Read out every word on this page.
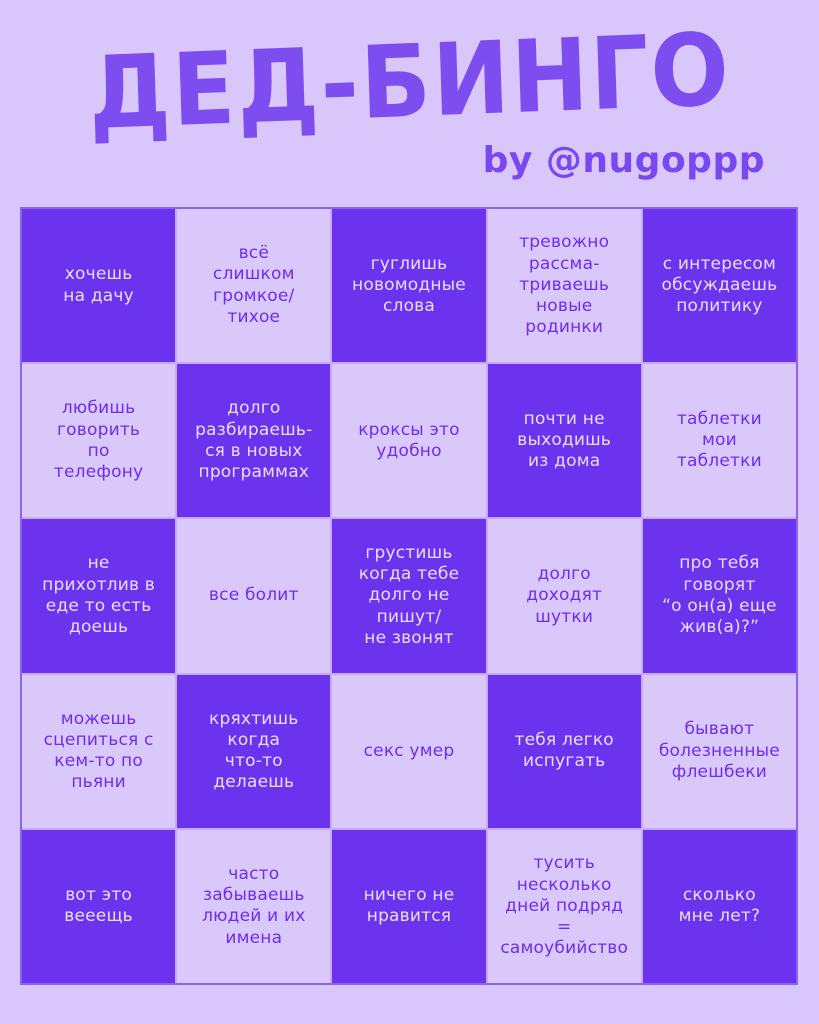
ДЕД-БИНГО
by @nugoppp
хочешь
на дачу
всё
слишком
громкое/
тихое
гуглишь
новомодные
слова
тревожно
рассма-
триваешь
новые
родинки
с интересом
обсуждаешь
политику
любишь
говорить
по
телефону
долго
разбираешь-
ся в новых
программах
кроксы это
удобно
почти не
выходишь
из дома
таблетки
мои
таблетки
не
прихотлив в
еде то есть
доешь
все болит
грустишь
когда тебе
долго не
пишут/
не звонят
долго
доходят
шутки
про тебя
говорят
“о он(а) еще
жив(а)?”
можешь
сцепиться с
кем-то по
пьяни
кряхтишь
когда
что-то
делаешь
секс умер
тебя легко
испугать
бывают
болезненные
флешбеки
вот это
вееещь
часто
забываешь
людей и их
имена
ничего не
нравится
тусить
несколько
дней подряд
=
самоубийство
сколько
мне лет?
